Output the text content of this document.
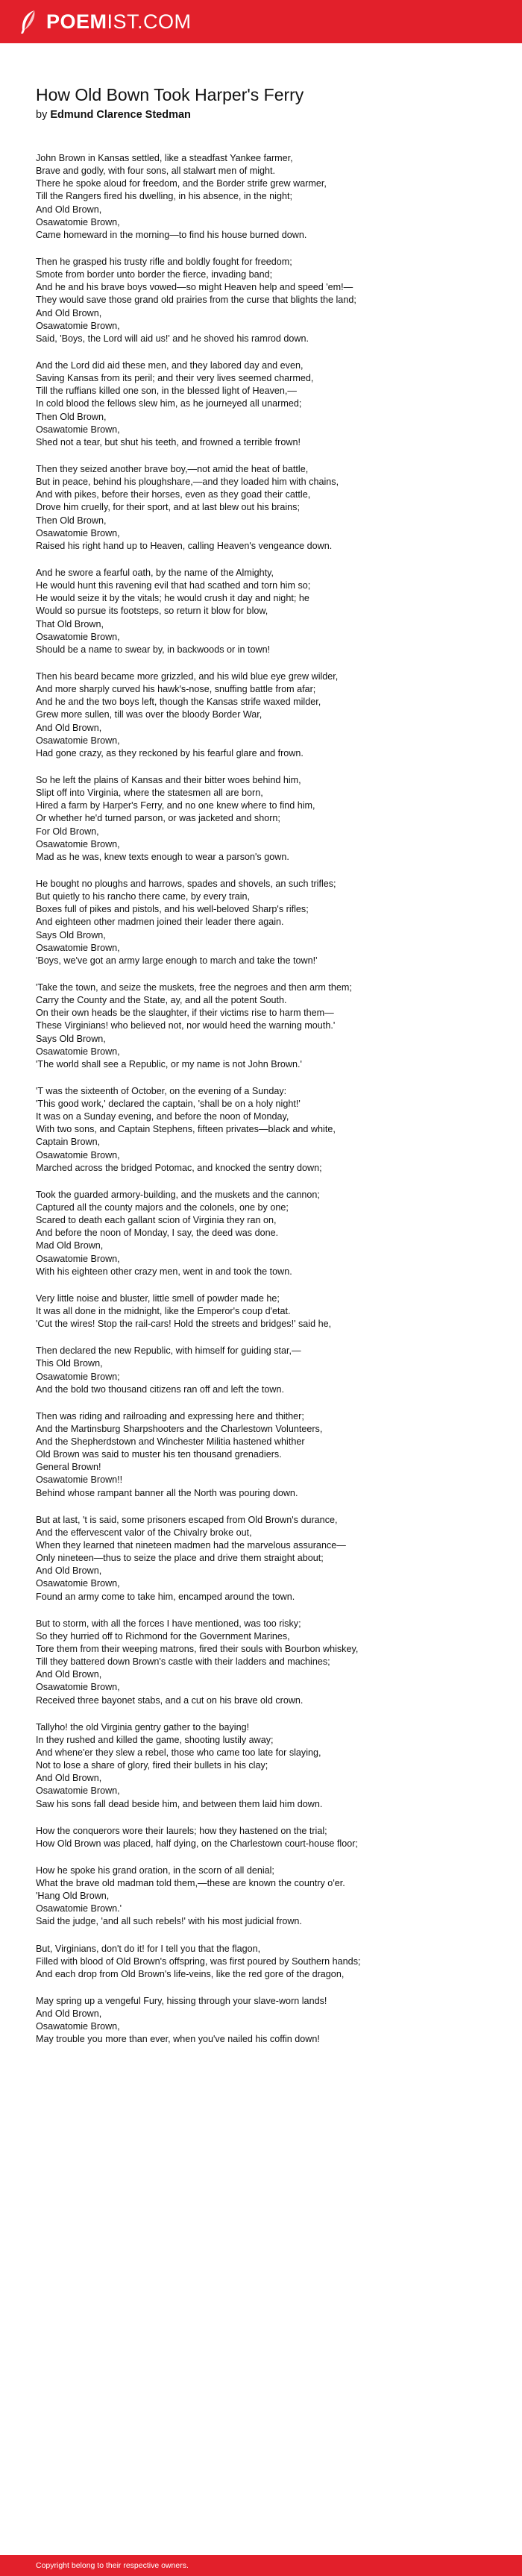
POEMIST.COM
How Old Bown Took Harper's Ferry

by Edmund Clarence Stedman

John Brown in Kansas settled, like a steadfast Yankee farmer,
Brave and godly, with four sons, all stalwart men of might.
There he spoke aloud for freedom, and the Border strife grew warmer,
Till the Rangers fired his dwelling, in his absence, in the night;
And Old Brown,
Osawatomie Brown,
Came homeward in the morning—to find his house burned down.

Then he grasped his trusty rifle and boldly fought for freedom;
Smote from border unto border the fierce, invading band;
And he and his brave boys vowed—so might Heaven help and speed 'em!—
They would save those grand old prairies from the curse that blights the land;
And Old Brown,
Osawatomie Brown,
Said, 'Boys, the Lord will aid us!' and he shoved his ramrod down.

And the Lord did aid these men, and they labored day and even,
Saving Kansas from its peril; and their very lives seemed charmed,
Till the ruffians killed one son, in the blessed light of Heaven,—
In cold blood the fellows slew him, as he journeyed all unarmed;
Then Old Brown,
Osawatomie Brown,
Shed not a tear, but shut his teeth, and frowned a terrible frown!

Then they seized another brave boy,—not amid the heat of battle,
But in peace, behind his ploughshare,—and they loaded him with chains,
And with pikes, before their horses, even as they goad their cattle,
Drove him cruelly, for their sport, and at last blew out his brains;
Then Old Brown,
Osawatomie Brown,
Raised his right hand up to Heaven, calling Heaven's vengeance down.

And he swore a fearful oath, by the name of the Almighty,
He would hunt this ravening evil that had scathed and torn him so;
He would seize it by the vitals; he would crush it day and night; he
Would so pursue its footsteps, so return it blow for blow,
That Old Brown,
Osawatomie Brown,
Should be a name to swear by, in backwoods or in town!

Then his beard became more grizzled, and his wild blue eye grew wilder,
And more sharply curved his hawk's-nose, snuffing battle from afar;
And he and the two boys left, though the Kansas strife waxed milder,
Grew more sullen, till was over the bloody Border War,
And Old Brown,
Osawatomie Brown,
Had gone crazy, as they reckoned by his fearful glare and frown.

So he left the plains of Kansas and their bitter woes behind him,
Slipt off into Virginia, where the statesmen all are born,
Hired a farm by Harper's Ferry, and no one knew where to find him,
Or whether he'd turned parson, or was jacketed and shorn;
For Old Brown,
Osawatomie Brown,
Mad as he was, knew texts enough to wear a parson's gown.

He bought no ploughs and harrows, spades and shovels, an such trifles;
But quietly to his rancho there came, by every train,
Boxes full of pikes and pistols, and his well-beloved Sharp's rifles;
And eighteen other madmen joined their leader there again.
Says Old Brown,
Osawatomie Brown,
'Boys, we've got an army large enough to march and take the town!'

'Take the town, and seize the muskets, free the negroes and then arm them;
Carry the County and the State, ay, and all the potent South.
On their own heads be the slaughter, if their victims rise to harm them—
These Virginians! who believed not, nor would heed the warning mouth.'
Says Old Brown,
Osawatomie Brown,
'The world shall see a Republic, or my name is not John Brown.'

'T was the sixteenth of October, on the evening of a Sunday:
'This good work,' declared the captain, 'shall be on a holy night!'
It was on a Sunday evening, and before the noon of Monday,
With two sons, and Captain Stephens, fifteen privates—black and white,
Captain Brown,
Osawatomie Brown,
Marched across the bridged Potomac, and knocked the sentry down;

Took the guarded armory-building, and the muskets and the cannon;
Captured all the county majors and the colonels, one by one;
Scared to death each gallant scion of Virginia they ran on,
And before the noon of Monday, I say, the deed was done.
Mad Old Brown,
Osawatomie Brown,
With his eighteen other crazy men, went in and took the town.

Very little noise and bluster, little smell of powder made he;
It was all done in the midnight, like the Emperor's coup d'etat.
'Cut the wires! Stop the rail-cars! Hold the streets and bridges!' said he,

Then declared the new Republic, with himself for guiding star,—
This Old Brown,
Osawatomie Brown;
And the bold two thousand citizens ran off and left the town.

Then was riding and railroading and expressing here and thither;
And the Martinsburg Sharpshooters and the Charlestown Volunteers,
And the Shepherdstown and Winchester Militia hastened whither
Old Brown was said to muster his ten thousand grenadiers.
General Brown!
Osawatomie Brown!!
Behind whose rampant banner all the North was pouring down.

But at last, 't is said, some prisoners escaped from Old Brown's durance,
And the effervescent valor of the Chivalry broke out,
When they learned that nineteen madmen had the marvelous assurance—
Only nineteen—thus to seize the place and drive them straight about;
And Old Brown,
Osawatomie Brown,
Found an army come to take him, encamped around the town.

But to storm, with all the forces I have mentioned, was too risky;
So they hurried off to Richmond for the Government Marines,
Tore them from their weeping matrons, fired their souls with Bourbon whiskey,
Till they battered down Brown's castle with their ladders and machines;
And Old Brown,
Osawatomie Brown,
Received three bayonet stabs, and a cut on his brave old crown.

Tallyho! the old Virginia gentry gather to the baying!
In they rushed and killed the game, shooting lustily away;
And whene'er they slew a rebel, those who came too late for slaying,
Not to lose a share of glory, fired their bullets in his clay;
And Old Brown,
Osawatomie Brown,
Saw his sons fall dead beside him, and between them laid him down.

How the conquerors wore their laurels; how they hastened on the trial;
How Old Brown was placed, half dying, on the Charlestown court-house floor;

How he spoke his grand oration, in the scorn of all denial;
What the brave old madman told them,—these are known the country o'er.
'Hang Old Brown,
Osawatomie Brown.'
Said the judge, 'and all such rebels!' with his most judicial frown.

But, Virginians, don't do it! for I tell you that the flagon,
Filled with blood of Old Brown's offspring, was first poured by Southern hands;
And each drop from Old Brown's life-veins, like the red gore of the dragon,

May spring up a vengeful Fury, hissing through your slave-worn lands!
And Old Brown,
Osawatomie Brown,
May trouble you more than ever, when you've nailed his coffin down!

Copyright belong to their respective owners.
